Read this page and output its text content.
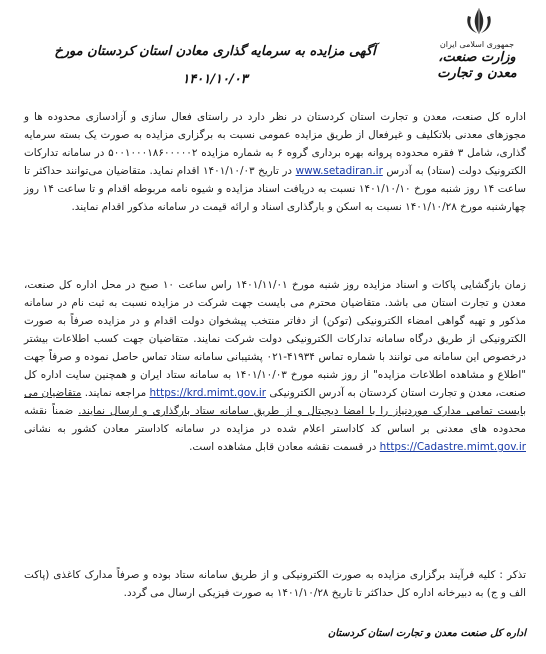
جمهوری اسلامی ایران
وزارت صنعت، معدن و تجارت
آگهی مزایده به سرمایه گذاری معادن استان کردستان مورخ ۱۴۰۱/۱۰/۰۳
اداره کل صنعت، معدن و تجارت استان کردستان در نظر دارد در راستای فعال سازی و آزادسازی محدوده ها و مجوزهای معدنی بلاتکلیف و غیرفعال از طریق مزایده عمومی نسبت به برگزاری مزایده به صورت یک بسته سرمایه گذاری، شامل ۳ فقره محدوده پروانه بهره برداری گروه ۶ به شماره مزایده ۵۰۰۱۰۰۰۱۸۶۰۰۰۰۰۲ در سامانه تدارکات الکترونیک دولت (ستاد) به آدرس www.setadiran.ir در تاریخ ۱۴۰۱/۱۰/۰۳ اقدام نماید. متقاضیان می‌توانند حداکثر تا ساعت ۱۴ روز شنبه مورخ ۱۴۰۱/۱۰/۱۰ نسبت به دریافت اسناد مزایده و شیوه نامه مربوطه اقدام و تا ساعت ۱۴ روز چهارشنبه مورخ ۱۴۰۱/۱۰/۲۸ نسبت به اسکن و بارگذاری اسناد و ارائه قیمت در سامانه مذکور اقدام نمایند.
زمان بازگشایی پاکات و اسناد مزایده روز شنبه مورخ ۱۴۰۱/۱۱/۰۱ راس ساعت ۱۰ صبح در محل اداره کل صنعت، معدن و تجارت استان می باشد. متقاضیان محترم می بایست جهت شرکت در مزایده نسبت به ثبت نام در سامانه مذکور و تهیه گواهی امضاء الکترونیکی (توکن) از دفاتر منتخب پیشخوان دولت اقدام و در مزایده صرفاً به صورت الکترونیکی از طریق درگاه سامانه تدارکات الکترونیکی دولت شرکت نمایند. متقاضیان جهت کسب اطلاعات بیشتر درخصوص این سامانه می توانند با شماره تماس ۴۱۹۳۴-۰۲۱ پشتیبانی سامانه ستاد تماس حاصل نموده و صرفاً جهت "اطلاع و مشاهده اطلاعات مزایده" از روز شنبه مورخ ۱۴۰۱/۱۰/۰۳ به سامانه ستاد ایران و همچنین سایت اداره کل صنعت، معدن و تجارت استان کردستان به آدرس الکترونیکی https://krd.mimt.gov.ir مراجعه نمایند. متقاضیان می بایست تمامی مدارک موردنیاز را با امضا دیجیتال و از طریق سامانه ستاد بارگذاری و ارسال نمایند. ضمناً نقشه محدوده های معدنی بر اساس کد کاداستر اعلام شده در مزایده در سامانه کاداستر معادن کشور به نشانی https://Cadastre.mimt.gov.ir در قسمت نقشه معادن قابل مشاهده است.
تذکر : کلیه فرآیند برگزاری مزایده به صورت الکترونیکی و از طریق سامانه ستاد بوده و صرفاً مدارک کاغذی (پاکت الف و ج) به دبیرخانه اداره کل حداکثر تا تاریخ ۱۴۰۱/۱۰/۲۸ به صورت فیزیکی ارسال می گردد.
اداره کل صنعت معدن و تجارت استان کردستان
